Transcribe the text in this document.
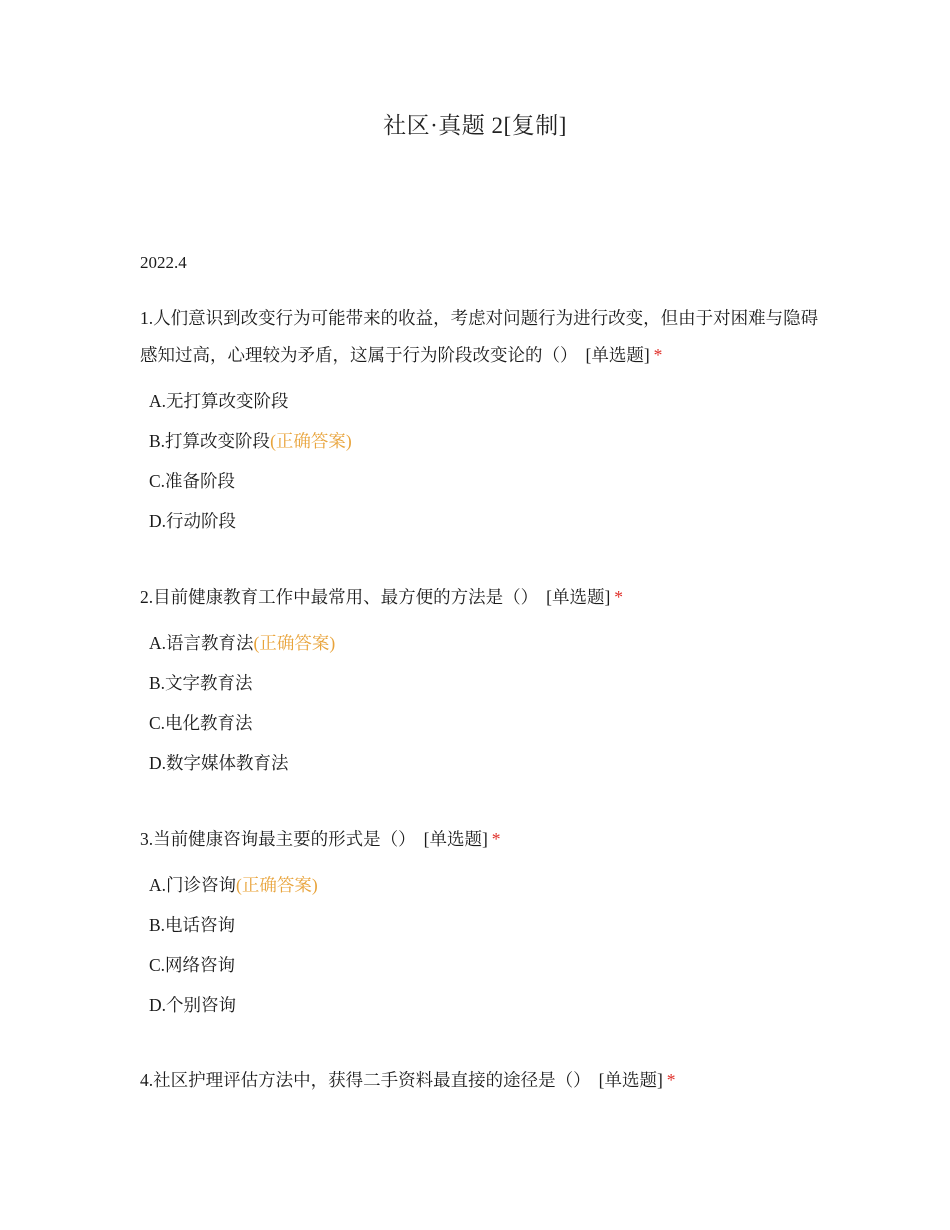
社区·真题 2[复制]
2022.4

1.人们意识到改变行为可能带来的收益，考虑对问题行为进行改变，但由于对困难与隐碍感知过高，心理较为矛盾，这属于行为阶段改变论的（） [单选题] *

A.无打算改变阶段
B.打算改变阶段(正确答案)
C.准备阶段
D.行动阶段

2.目前健康教育工作中最常用、最方便的方法是（） [单选题] *

A.语言教育法(正确答案)
B.文字教育法
C.电化教育法
D.数字媒体教育法

3.当前健康咨询最主要的形式是（） [单选题] *

A.门诊咨询(正确答案)
B.电话咨询
C.网络咨询
D.个别咨询

4.社区护理评估方法中，获得二手资料最直接的途径是（） [单选题] *
